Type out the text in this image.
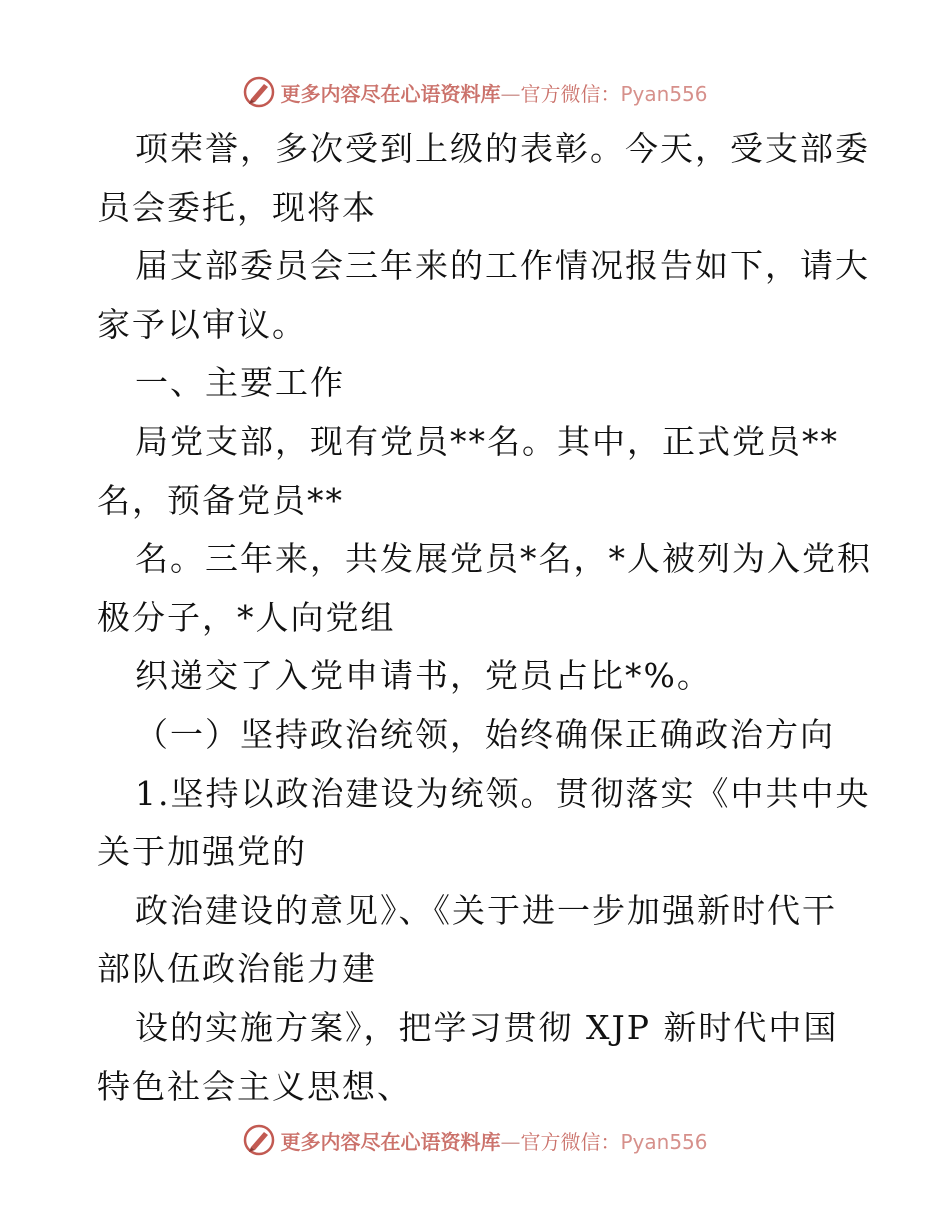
更多内容尽在心语资料库—官方微信：Pyan556
项荣誉，多次受到上级的表彰。今天，受支部委
员会委托，现将本
届支部委员会三年来的工作情况报告如下，请大
家予以审议。
一、主要工作
局党支部，现有党员**名。其中，正式党员**
名，预备党员**
名。三年来，共发展党员*名，*人被列为入党积
极分子，*人向党组
织递交了入党申请书，党员占比*%。
（一）坚持政治统领，始终确保正确政治方向
1.坚持以政治建设为统领。贯彻落实《中共中央
关于加强党的
政治建设的意见》、《关于进一步加强新时代干
部队伍政治能力建
设的实施方案》，把学习贯彻 XJP 新时代中国
特色社会主义思想、
更多内容尽在心语资料库—官方微信：Pyan556
